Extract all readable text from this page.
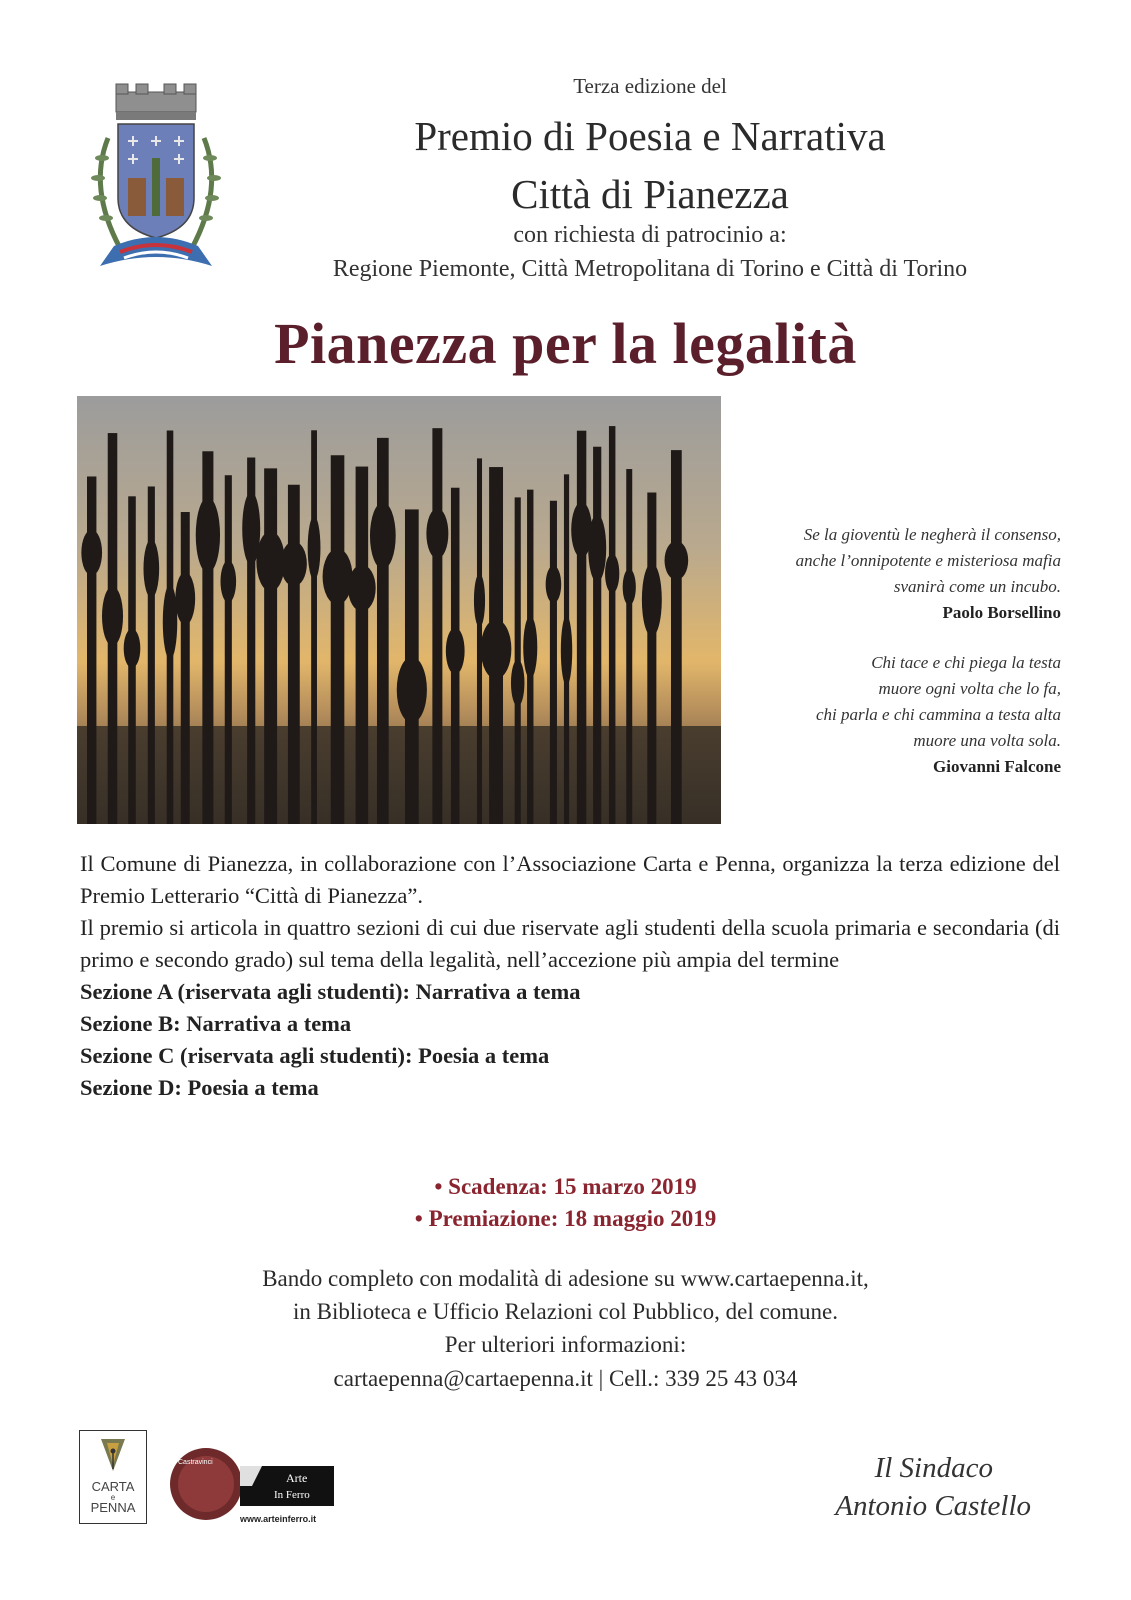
Terza edizione del
Premio di Poesia e Narrativa
Città di Pianezza
con richiesta di patrocinio a:
Regione Piemonte, Città Metropolitana di Torino e Città di Torino
Pianezza per la legalità
Se la gioventù le negherà il consenso,
anche l’onnipotente e misteriosa mafia
svanirà come un incubo.
Paolo Borsellino
Chi tace e chi piega la testa
muore ogni volta che lo fa,
chi parla e chi cammina a testa alta
muore una volta sola.
Giovanni Falcone

Il Comune di Pianezza, in collaborazione con l’Associazione Carta e Penna, organizza la terza edizione del Premio Letterario “Città di Pianezza”.

Il premio si articola in quattro sezioni di cui due riservate agli studenti della scuola primaria e secondaria (di primo e secondo grado) sul tema della legalità, nell’accezione più ampia del termine

Sezione A (riservata agli studenti): Narrativa a tema

Sezione B: Narrativa a tema

Sezione C (riservata agli studenti): Poesia a tema

Sezione D: Poesia a tema

• Scadenza: 15 marzo 2019
• Premiazione: 18 maggio 2019
Bando completo con modalità di adesione su www.cartaepenna.it,
in Biblioteca e Ufficio Relazioni col Pubblico, del comune.
Per ulteriori informazioni:
cartaepenna@cartaepenna.it | Cell.: 339 25 43 034
CARTA
e
PENNA
Castravinci
Arte
In Ferro
www.arteinferro.it
Il Sindaco
Antonio Castello
